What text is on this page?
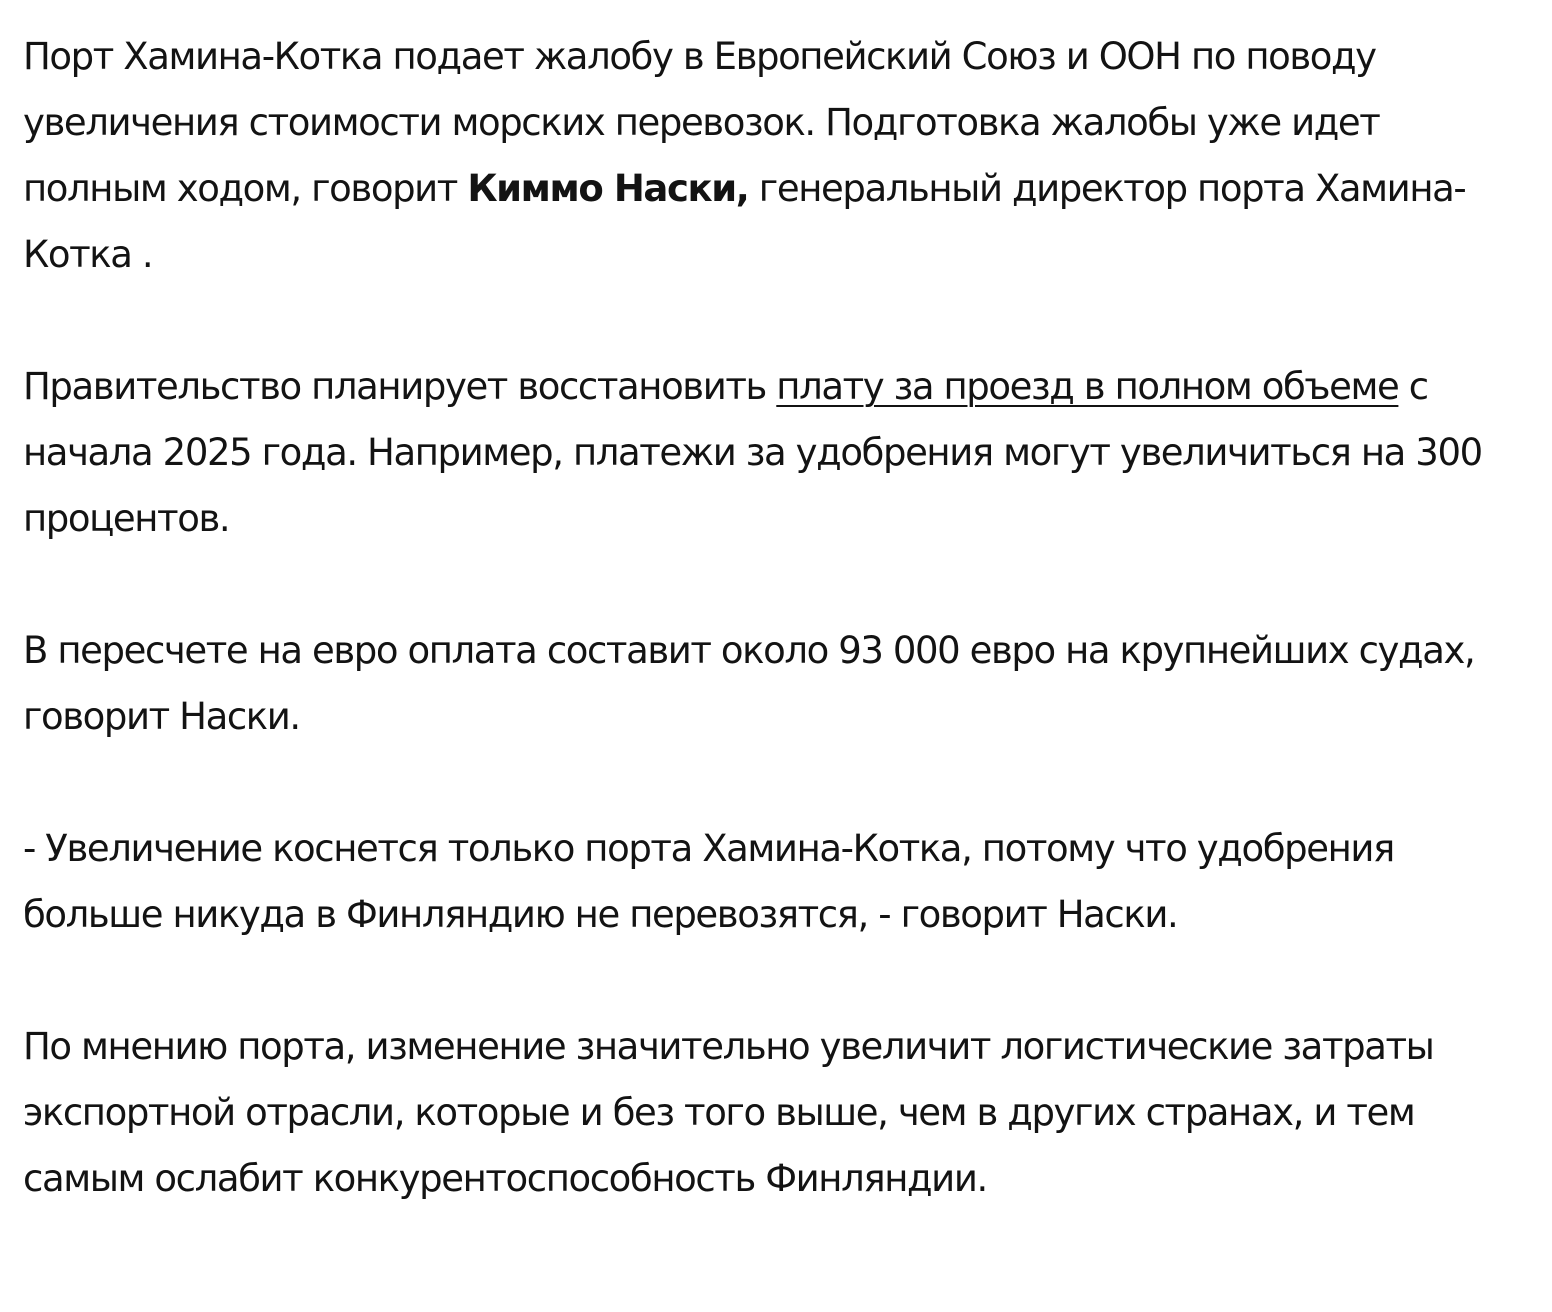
Порт Хамина-Котка подает жалобу в Европейский Союз и ООН по поводу увеличения стоимости морских перевозок. Подготовка жалобы уже идет полным ходом, говорит Киммо Наски, генеральный директор порта Хамина-Котка .

Правительство планирует восстановить плату за проезд в полном объеме с начала 2025 года. Например, платежи за удобрения могут увеличиться на 300 процентов.

В пересчете на евро оплата составит около 93 000 евро на крупнейших судах, говорит Наски.

- Увеличение коснется только порта Хамина-Котка, потому что удобрения больше никуда в Финляндию не перевозятся, - говорит Наски.

По мнению порта, изменение значительно увеличит логистические затраты экспортной отрасли, которые и без того выше, чем в других странах, и тем самым ослабит конкурентоспособность Финляндии.
